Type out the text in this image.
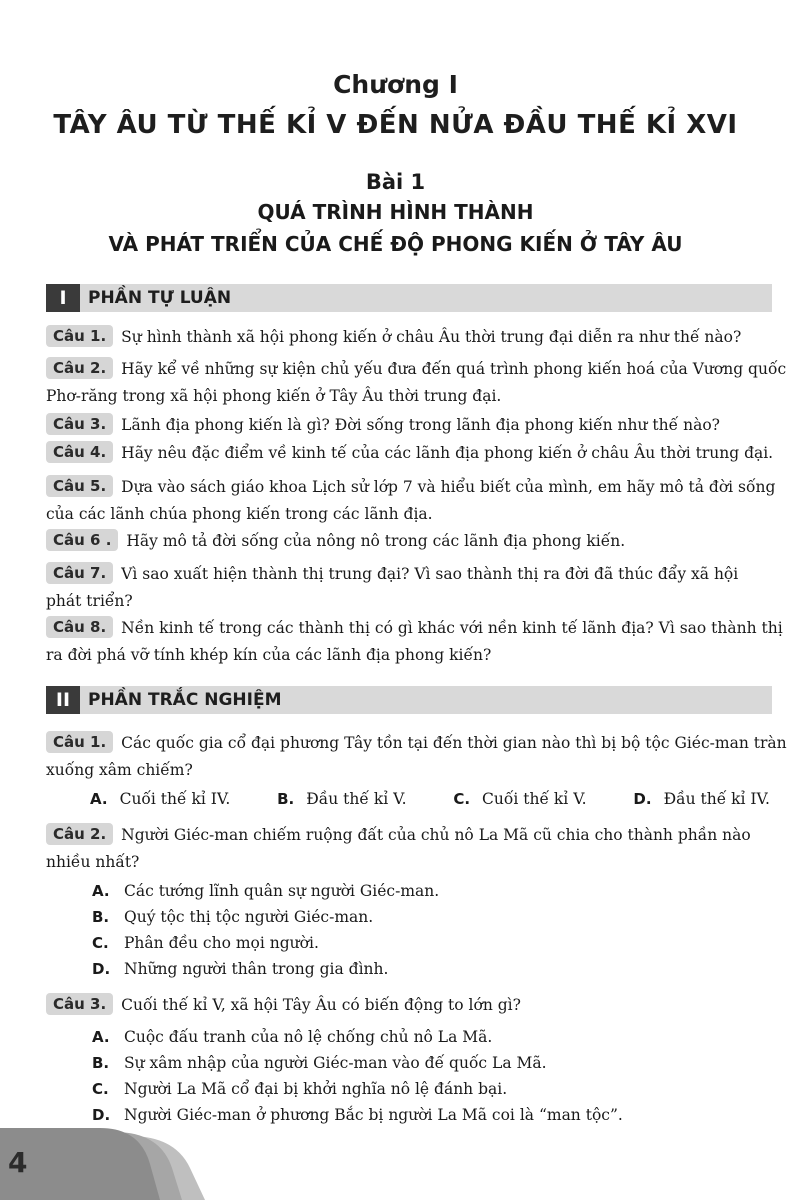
Chương I
TÂY ÂU TỪ THẾ KỈ V ĐẾN NỬA ĐẦU THẾ KỈ XVI
Bài 1
QUÁ TRÌNH HÌNH THÀNH
VÀ PHÁT TRIỂN CỦA CHẾ ĐỘ PHONG KIẾN Ở TÂY ÂU
I	PHẦN TỰ LUẬN
Câu 1. Sự hình thành xã hội phong kiến ở châu Âu thời trung đại diễn ra như thế nào?
Câu 2. Hãy kể về những sự kiện chủ yếu đưa đến quá trình phong kiến hoá của Vương quốc
Phơ-răng trong xã hội phong kiến ở Tây Âu thời trung đại.
Câu 3. Lãnh địa phong kiến là gì? Đời sống trong lãnh địa phong kiến như thế nào?
Câu 4. Hãy nêu đặc điểm về kinh tế của các lãnh địa phong kiến ở châu Âu thời trung đại.
Câu 5. Dựa vào sách giáo khoa Lịch sử lớp 7 và hiểu biết của mình, em hãy mô tả đời sống
của các lãnh chúa phong kiến trong các lãnh địa.
Câu 6 . Hãy mô tả đời sống của nông nô trong các lãnh địa phong kiến.
Câu 7. Vì sao xuất hiện thành thị trung đại? Vì sao thành thị ra đời đã thúc đẩy xã hội
phát triển?
Câu 8. Nền kinh tế trong các thành thị có gì khác với nền kinh tế lãnh địa? Vì sao thành thị
ra đời phá vỡ tính khép kín của các lãnh địa phong kiến?
II	PHẦN TRẮC NGHIỆM
Câu 1. Các quốc gia cổ đại phương Tây tồn tại đến thời gian nào thì bị bộ tộc Giéc-man tràn
xuống xâm chiếm?
A. Cuối thế kỉ IV.	B. Đầu thế kỉ V.	C. Cuối thế kỉ V.	D. Đầu thế kỉ IV.
Câu 2. Người Giéc-man chiếm ruộng đất của chủ nô La Mã cũ chia cho thành phần nào
nhiều nhất?
A. Các tướng lĩnh quân sự người Giéc-man.
B. Quý tộc thị tộc người Giéc-man.
C. Phân đều cho mọi người.
D. Những người thân trong gia đình.
Câu 3. Cuối thế kỉ V, xã hội Tây Âu có biến động to lớn gì?
A. Cuộc đấu tranh của nô lệ chống chủ nô La Mã.
B. Sự xâm nhập của người Giéc-man vào đế quốc La Mã.
C. Người La Mã cổ đại bị khởi nghĩa nô lệ đánh bại.
D. Người Giéc-man ở phương Bắc bị người La Mã coi là “man tộc”.
4
